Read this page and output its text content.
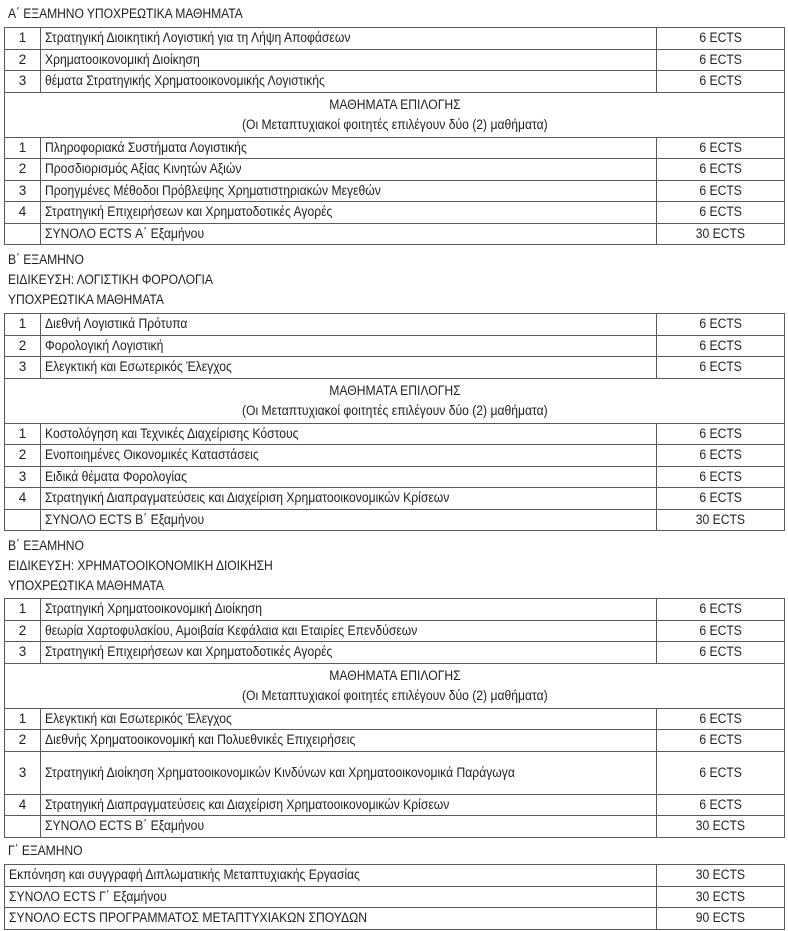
Α΄ ΕΞΑΜΗΝΟ ΥΠΟΧΡΕΩΤΙΚΑ ΜΑΘΗΜΑΤΑ
1	Στρατηγική Διοικητική Λογιστική για τη Λήψη Αποφάσεων	6 ECTS
2	Χρηματοοικονομική Διοίκηση	6 ECTS
3	θέματα Στρατηγικής Χρηματοοικονομικής Λογιστικής	6 ECTS
ΜΑΘΗΜΑΤΑ ΕΠΙΛΟΓΗΣ
(Οι Μεταπτυχιακοί φοιτητές επιλέγουν δύο (2) μαθήματα)		
1	Πληροφοριακά Συστήματα Λογιστικής	6 ECTS
2	Προσδιορισμός Αξίας Κινητών Αξιών	6 ECTS
3	Προηγμένες Μέθοδοι Πρόβλεψης Χρηματιστηριακών Μεγεθών	6 ECTS
4	Στρατηγική Επιχειρήσεων και Χρηματοδοτικές Αγορές	6 ECTS
	ΣΥΝΟΛΟ ECTS Α΄ Εξαμήνου	30 ECTS
Β΄ ΕΞΑΜΗΝΟ
ΕΙΔΙΚΕΥΣΗ: ΛΟΓΙΣΤΙΚΗ ΦΟΡΟΛΟΓΙΑ
ΥΠΟΧΡΕΩΤΙΚΑ ΜΑΘΗΜΑΤΑ
1	Διεθνή Λογιστικά Πρότυπα	6 ECTS
2	Φορολογική Λογιστική	6 ECTS
3	Ελεγκτική και Εσωτερικός Έλεγχος	6 ECTS
ΜΑΘΗΜΑΤΑ ΕΠΙΛΟΓΗΣ
(Οι Μεταπτυχιακοί φοιτητές επιλέγουν δύο (2) μαθήματα)		
1	Κοστολόγηση και Τεχνικές Διαχείρισης Κόστους	6 ECTS
2	Ενοποιημένες Οικονομικές Καταστάσεις	6 ECTS
3	Ειδικά θέματα Φορολογίας	6 ECTS
4	Στρατηγική Διαπραγματεύσεις και Διαχείριση Χρηματοοικονομικών Κρίσεων	6 ECTS
	ΣΥΝΟΛΟ ECTS Β΄ Εξαμήνου	30 ECTS
Β΄ ΕΞΑΜΗΝΟ
ΕΙΔΙΚΕΥΣΗ: ΧΡΗΜΑΤΟΟΙΚΟΝΟΜΙΚΗ ΔΙΟΙΚΗΣΗ
ΥΠΟΧΡΕΩΤΙΚΑ ΜΑΘΗΜΑΤΑ
1	Στρατηγική Χρηματοοικονομική Διοίκηση	6 ECTS
2	θεωρία Χαρτοφυλακίου, Αμοιβαία Κεφάλαια και Εταιρίες Επενδύσεων	6 ECTS
3	Στρατηγική Επιχειρήσεων και Χρηματοδοτικές Αγορές	6 ECTS
ΜΑΘΗΜΑΤΑ ΕΠΙΛΟΓΗΣ
(Οι Μεταπτυχιακοί φοιτητές επιλέγουν δύο (2) μαθήματα)		
1	Ελεγκτική και Εσωτερικός Έλεγχος	6 ECTS
2	Διεθνής Χρηματοοικονομική και Πολυεθνικές Επιχειρήσεις	6 ECTS
3	Στρατηγική Διοίκηση Χρηματοοικονομικών Κινδύνων και Χρηματοοικονομικά Παράγωγα	6 ECTS
4	Στρατηγική Διαπραγματεύσεις και Διαχείριση Χρηματοοικονομικών Κρίσεων	6 ECTS
	ΣΥΝΟΛΟ ECTS Β΄ Εξαμήνου	30 ECTS
Γ΄ ΕΞΑΜΗΝΟ
Εκπόνηση και συγγραφή Διπλωματικής Μεταπτυχιακής Εργασίας	30 ECTS
ΣΥΝΟΛΟ ECTS Γ΄ Εξαμήνου	30 ECTS
ΣΥΝΟΛΟ ECTS ΠΡΟΓΡΑΜΜΑΤΟΣ ΜΕΤΑΠΤΥΧΙΑΚΩΝ ΣΠΟΥΔΩΝ	90 ECTS
